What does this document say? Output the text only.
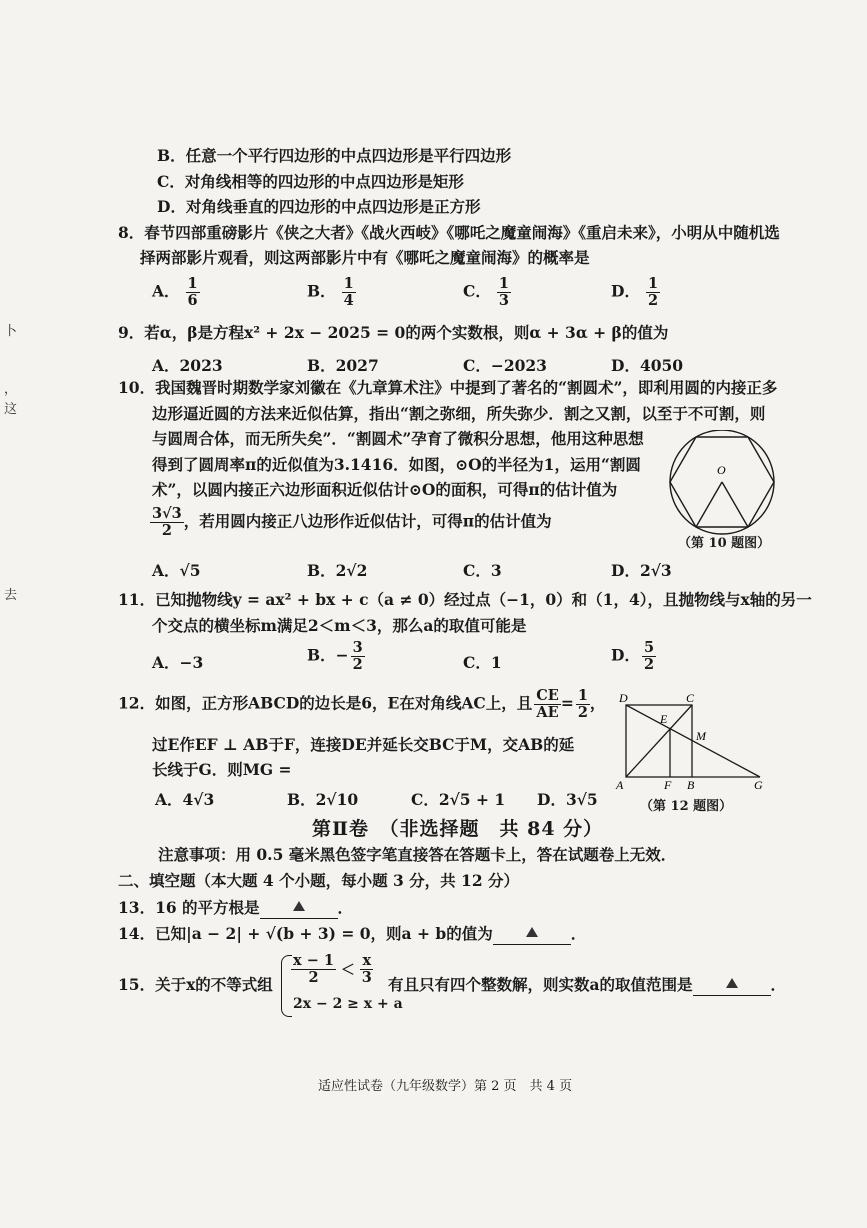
卜
，
这
去
B．任意一个平行四边形的中点四边形是平行四边形
C．对角线相等的四边形的中点四边形是矩形
D．对角线垂直的四边形的中点四边形是正方形
8．春节四部重磅影片《侠之大者》《战火西岐》《哪吒之魔童闹海》《重启未来》，小明从中随机选
择两部影片观看，则这两部影片中有《哪吒之魔童闹海》的概率是
A． $\frac{1}{6}$	B． $\frac{1}{4}$	C． $\frac{1}{3}$	D． $\frac{1}{2}$
9．若α，β是方程x² + 2x − 2025 = 0的两个实数根，则α + 3α + β的值为
A．2023	B．2027	C．−2023	D．4050
10．我国魏晋时期数学家刘徽在《九章算术注》中提到了著名的“割圆术”，即利用圆的内接正多
边形逼近圆的方法来近似估算，指出“割之弥细，所失弥少．割之又割，以至于不可割，则
与圆周合体，而无所失矣”．“割圆术”孕育了微积分思想，他用这种思想
得到了圆周率π的近似值为3.1416．如图，⊙O的半径为1，运用“割圆
术”，以圆内接正六边形面积近似估计⊙O的面积，可得π的估计值为
$\frac{3√3}{2}$ ，若用圆内接正八边形作近似估计，可得π的估计值为
O
（第 10 题图）
A．√5	B．2√2	C．3	D．2√3
11．已知抛物线y = ax² + bx + c（a ≠ 0）经过点（−1，0）和（1，4），且抛物线与x轴的另一
个交点的横坐标m满足2＜m＜3，那么a的取值可能是
A．−3	B．− $\frac{3}{2}$	C．1	D． $\frac{5}{2}$
12．如图，正方形ABCD的边长是6，E在对角线AC上，且 $\frac{CE}{AE} = \frac{1}{2}$ ，
过E作EF ⊥ AB于F，连接DE并延长交BC于M，交AB的延
长线于G．则MG =
D	C
E
M
A	F B	G
A．4√3	B．2√10	C．2√5 + 1 D．3√5	（第 12 题图）
第Ⅱ卷　（非选择题　共 84 分）
注意事项：用 0.5 毫米黑色签字笔直接答在答题卡上，答在试题卷上无效．
二、填空题（本大题 4 个小题，每小题 3 分，共 12 分）
13．16 的平方根是	．
14．已知|a − 2| + √(b + 3) = 0，则a + b的值为	．
15．关于x的不等式组 $\frac{x - 1}{2} < \frac{x}{3}$
2x − 2 ≥ x + a
有且只有四个整数解，则实数a的取值范围是	．
适应性试卷（九年级数学）第 2 页　共 4 页
